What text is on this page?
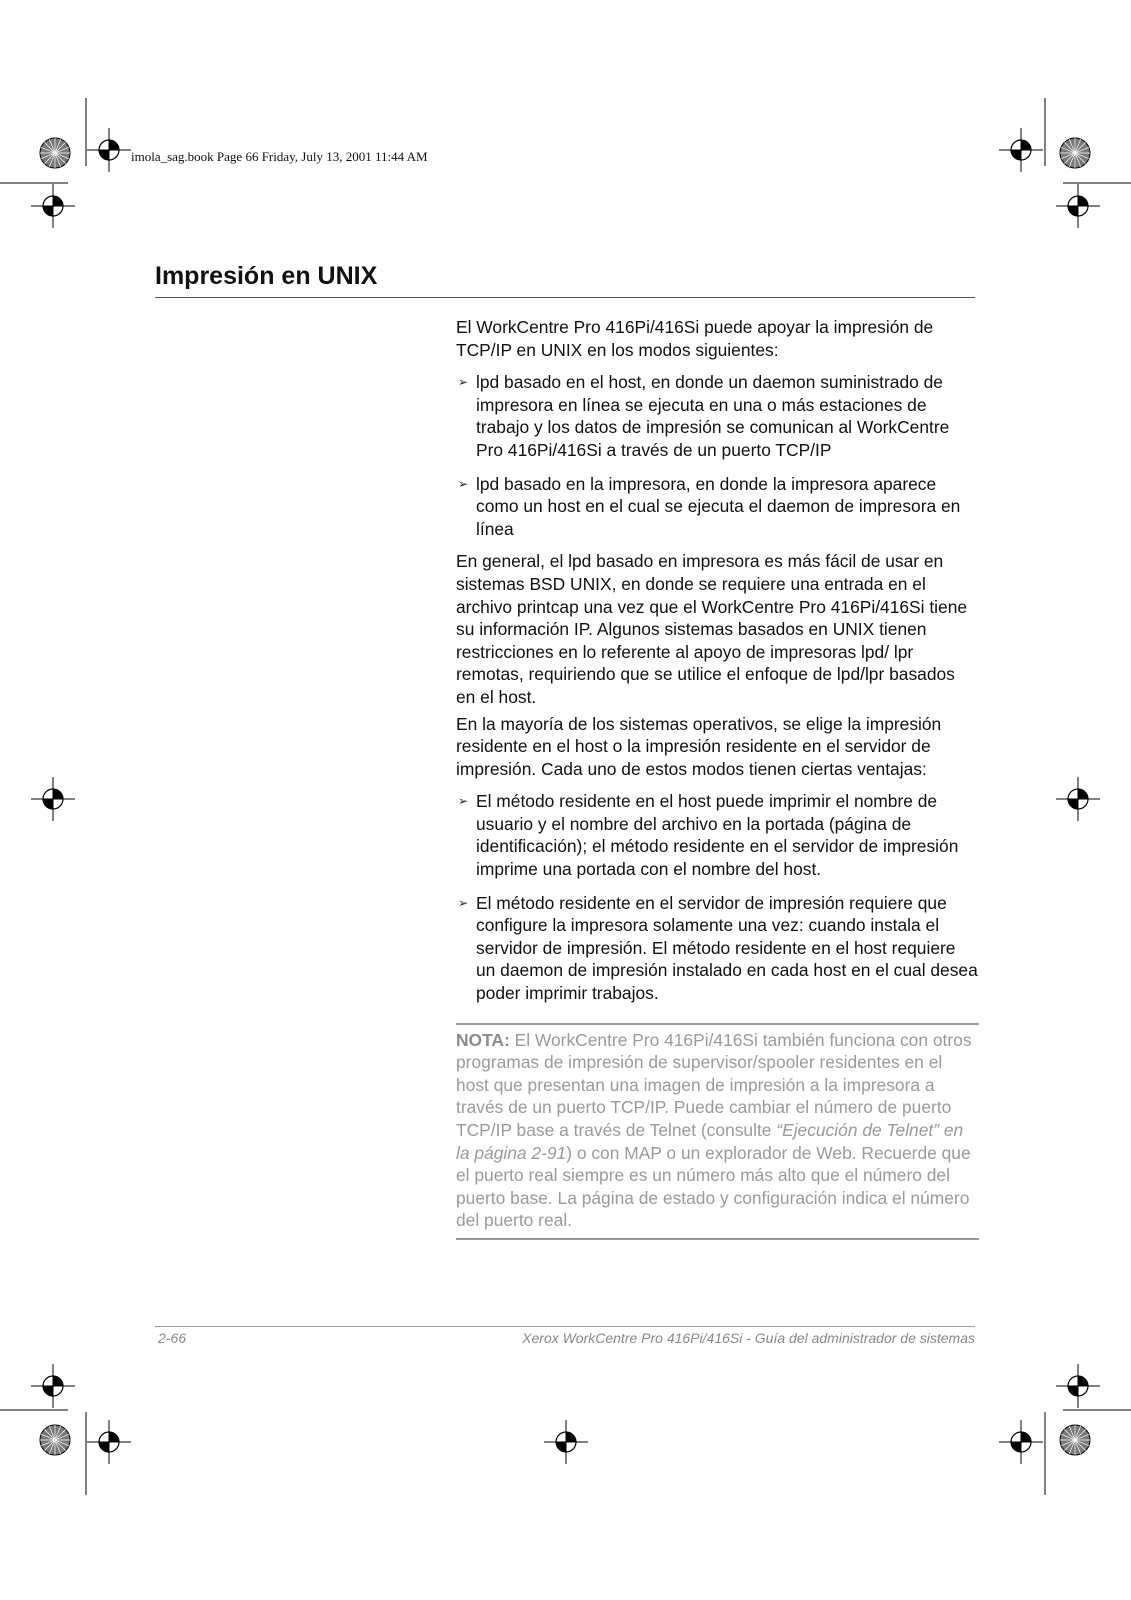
imola_sag.book Page 66 Friday, July 13, 2001 11:44 AM
Impresión en UNIX

El WorkCentre Pro 416Pi/416Si puede apoyar la impresión de TCP/IP en UNIX en los modos siguientes:

➢ lpd basado en el host, en donde un daemon suministrado de impresora en línea se ejecuta en una o más estaciones de trabajo y los datos de impresión se comunican al WorkCentre Pro 416Pi/416Si a través de un puerto TCP/IP
➢ lpd basado en la impresora, en donde la impresora aparece como un host en el cual se ejecuta el daemon de impresora en línea

En general, el lpd basado en impresora es más fácil de usar en sistemas BSD UNIX, en donde se requiere una entrada en el archivo printcap una vez que el WorkCentre Pro 416Pi/416Si tiene su información IP. Algunos sistemas basados en UNIX tienen restricciones en lo referente al apoyo de impresoras lpd/ lpr remotas, requiriendo que se utilice el enfoque de lpd/lpr basados en el host.

En la mayoría de los sistemas operativos, se elige la impresión residente en el host o la impresión residente en el servidor de impresión. Cada uno de estos modos tienen ciertas ventajas:

➢ El método residente en el host puede imprimir el nombre de usuario y el nombre del archivo en la portada (página de identificación); el método residente en el servidor de impresión imprime una portada con el nombre del host.
➢ El método residente en el servidor de impresión requiere que configure la impresora solamente una vez: cuando instala el servidor de impresión. El método residente en el host requiere un daemon de impresión instalado en cada host en el cual desea poder imprimir trabajos.
NOTA: El WorkCentre Pro 416Pi/416Si también funciona con otros programas de impresión de supervisor/spooler residentes en el host que presentan una imagen de impresión a la impresora a través de un puerto TCP/IP. Puede cambiar el número de puerto TCP/IP base a través de Telnet (consulte “Ejecución de Telnet” en la página 2-91) o con MAP o un explorador de Web. Recuerde que el puerto real siempre es un número más alto que el número del puerto base. La página de estado y configuración indica el número del puerto real.
2-66	Xerox WorkCentre Pro 416Pi/416Si - Guía del administrador de sistemas
